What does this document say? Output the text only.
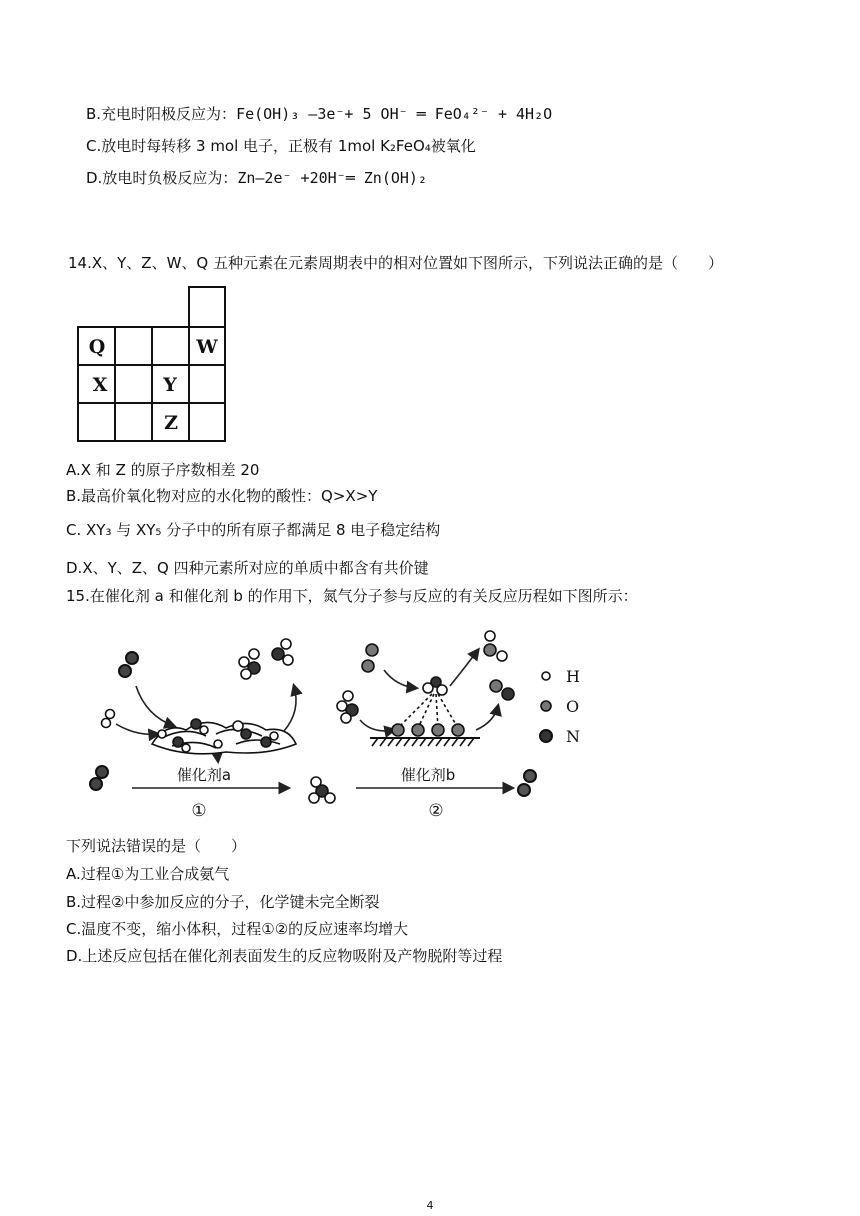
B.充电时阳极反应为：Fe(OH)₃ —3e⁻+ 5 OH⁻ ═ FeO₄²⁻ + 4H₂O
C.放电时每转移 3 mol 电子，正极有 1mol K₂FeO₄被氧化
D.放电时负极反应为：Zn—2e⁻ +20H⁻═ Zn(OH)₂
14.X、Y、Z、W、Q 五种元素在元素周期表中的相对位置如下图所示，下列说法正确的是（　　）
Q	W
X	Y
Z
A.X 和 Z 的原子序数相差 20
B.最高价氧化物对应的水化物的酸性：Q>X>Y
C. XY₃ 与 XY₅ 分子中的所有原子都满足 8 电子稳定结构
D.X、Y、Z、Q 四种元素所对应的单质中都含有共价键
15.在催化剂 a 和催化剂 b 的作用下，氮气分子参与反应的有关反应历程如下图所示：
催化剂a
①
催化剂b
②
H
O
N
下列说法错误的是（　　）
A.过程①为工业合成氨气
B.过程②中参加反应的分子，化学键未完全断裂
C.温度不变，缩小体积，过程①②的反应速率均增大
D.上述反应包括在催化剂表面发生的反应物吸附及产物脱附等过程
4
